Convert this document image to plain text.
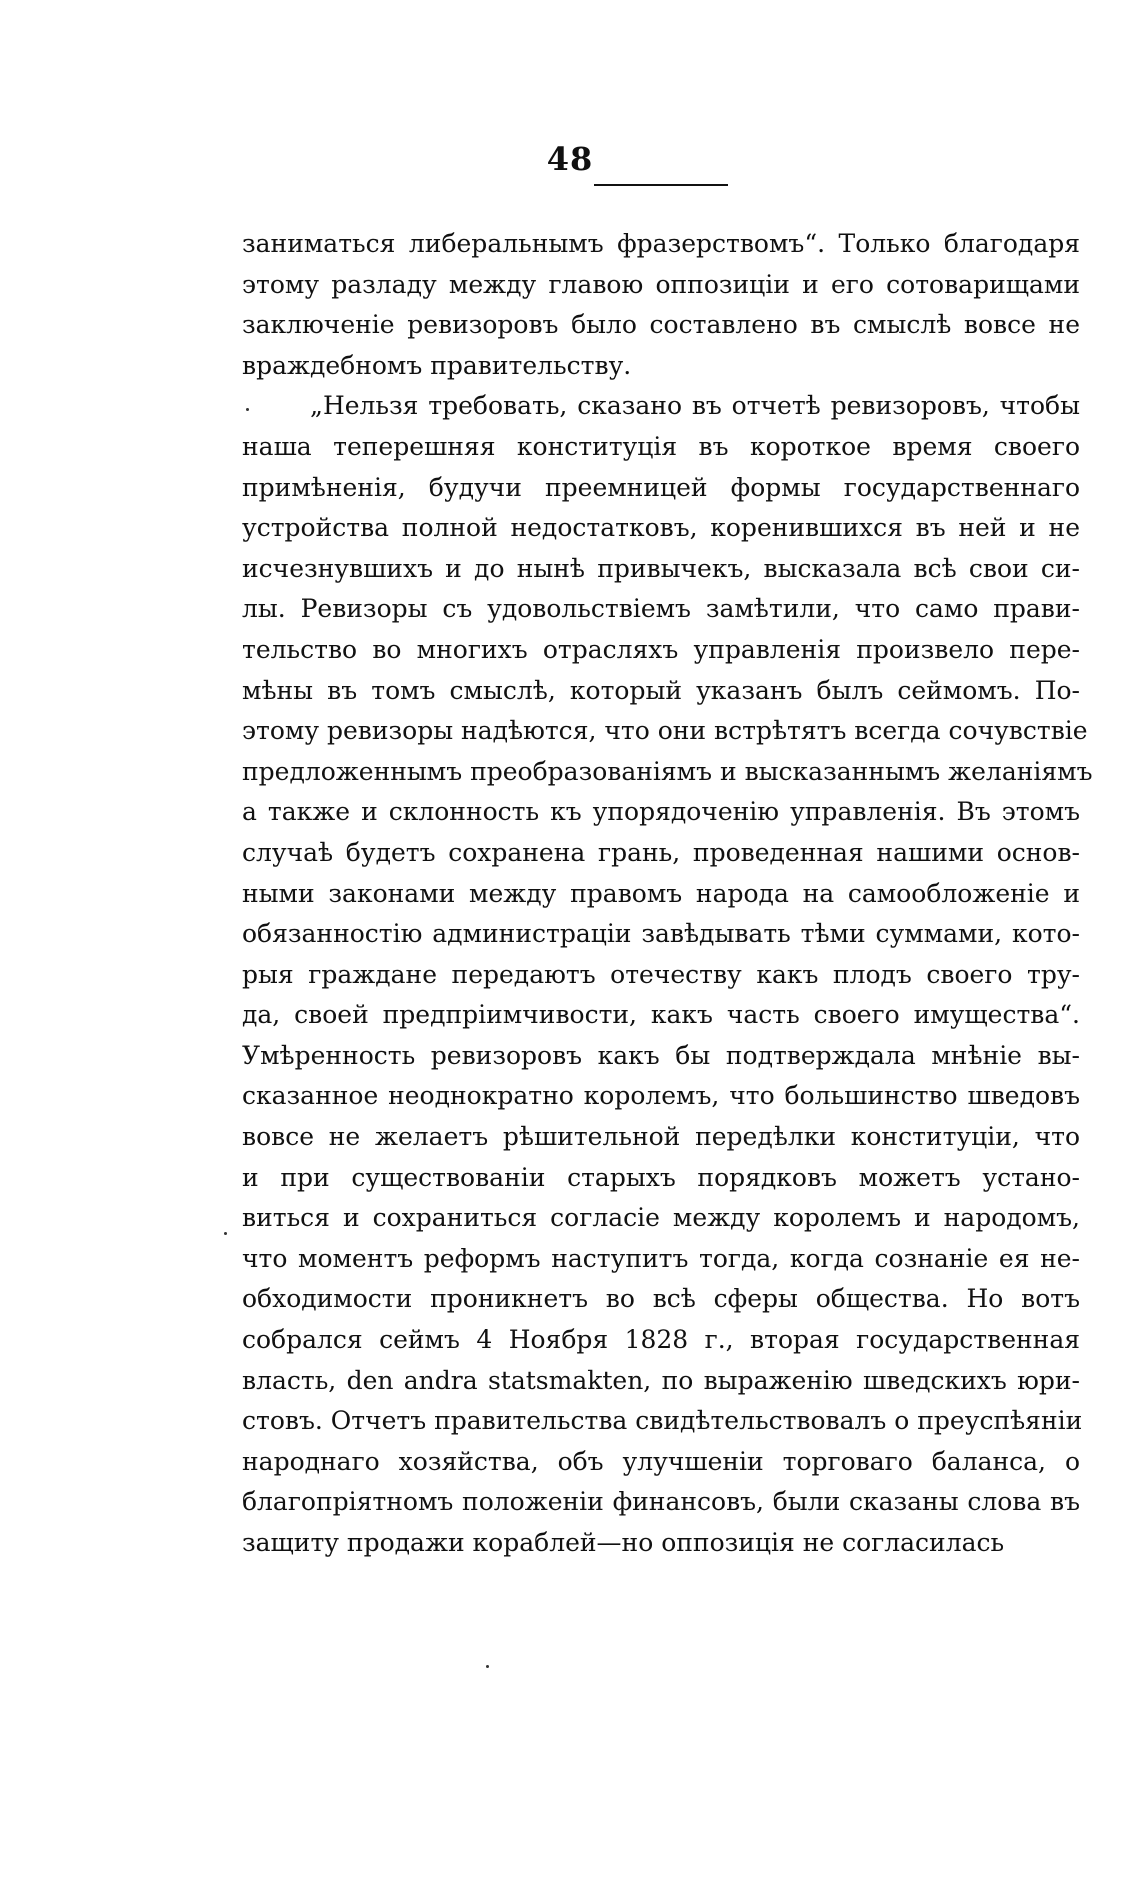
48
заниматься либеральнымъ фразерствомъ“. Только благодаря
этому разладу между главою оппозиціи и его сотоварищами
заключеніе ревизоровъ было составлено въ смыслѣ вовсе не
враждебномъ правительству.
„Нельзя требовать, сказано въ отчетѣ ревизоровъ, чтобы
наша теперешняя конституція въ короткое время своего
примѣненія, будучи преемницей формы государственнаго
устройства полной недостатковъ, коренившихся въ ней и не
исчезнувшихъ и до нынѣ привычекъ, высказала всѣ свои си-
лы. Ревизоры съ удовольствіемъ замѣтили, что само прави-
тельство во многихъ отрасляхъ управленія произвело пере-
мѣны въ томъ смыслѣ, который указанъ былъ сеймомъ. По-
этому ревизоры надѣются, что они встрѣтятъ всегда сочувствіе
предложеннымъ преобразованіямъ и высказаннымъ желаніямъ
а также и склонность къ упорядоченію управленія. Въ этомъ
случаѣ будетъ сохранена грань, проведенная нашими основ-
ными законами между правомъ народа на самообложеніе и
обязанностію администраціи завѣдывать тѣми суммами, кото-
рыя граждане передаютъ отечеству какъ плодъ своего тру-
да, своей предпріимчивости, какъ часть своего имущества“.
Умѣренность ревизоровъ какъ бы подтверждала мнѣніе вы-
сказанное неоднократно королемъ, что большинство шведовъ
вовсе не желаетъ рѣшительной передѣлки конституціи, что
и при существованіи старыхъ порядковъ можетъ устано-
виться и сохраниться согласіе между королемъ и народомъ,
что моментъ реформъ наступитъ тогда, когда сознаніе ея не-
обходимости проникнетъ во всѣ сферы общества. Но вотъ
собрался сеймъ 4 Ноября 1828 г., вторая государственная
власть, den andra statsmakten, по выраженію шведскихъ юри-
стовъ. Отчетъ правительства свидѣтельствовалъ о преуспѣяніи
народнаго хозяйства, объ улучшеніи торговаго баланса, о
благопріятномъ положеніи финансовъ, были сказаны слова въ
защиту продажи кораблей—но оппозиція не согласилась
